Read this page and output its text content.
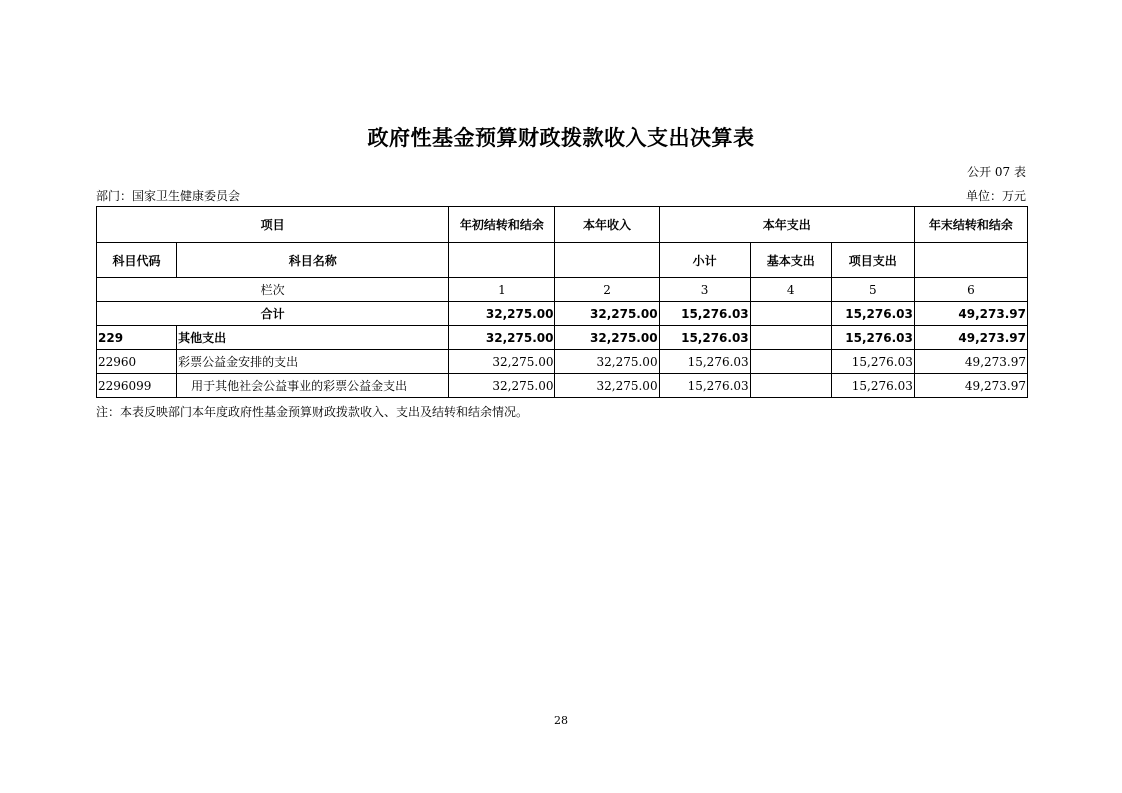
政府性基金预算财政拨款收入支出决算表
公开 07 表
部门：国家卫生健康委员会	单位：万元
项目		年初结转和结余	本年收入	本年支出			年末结转和结余
科目代码	科目名称			小计	基本支出	项目支出	
栏次		1	2	3	4	5	6
合计		32,275.00	32,275.00	15,276.03		15,276.03	49,273.97
229	其他支出	32,275.00	32,275.00	15,276.03		15,276.03	49,273.97
22960	彩票公益金安排的支出	32,275.00	32,275.00	15,276.03		15,276.03	49,273.97
2296099	用于其他社会公益事业的彩票公益金支出	32,275.00	32,275.00	15,276.03		15,276.03	49,273.97
注：本表反映部门本年度政府性基金预算财政拨款收入、支出及结转和结余情况。
28
